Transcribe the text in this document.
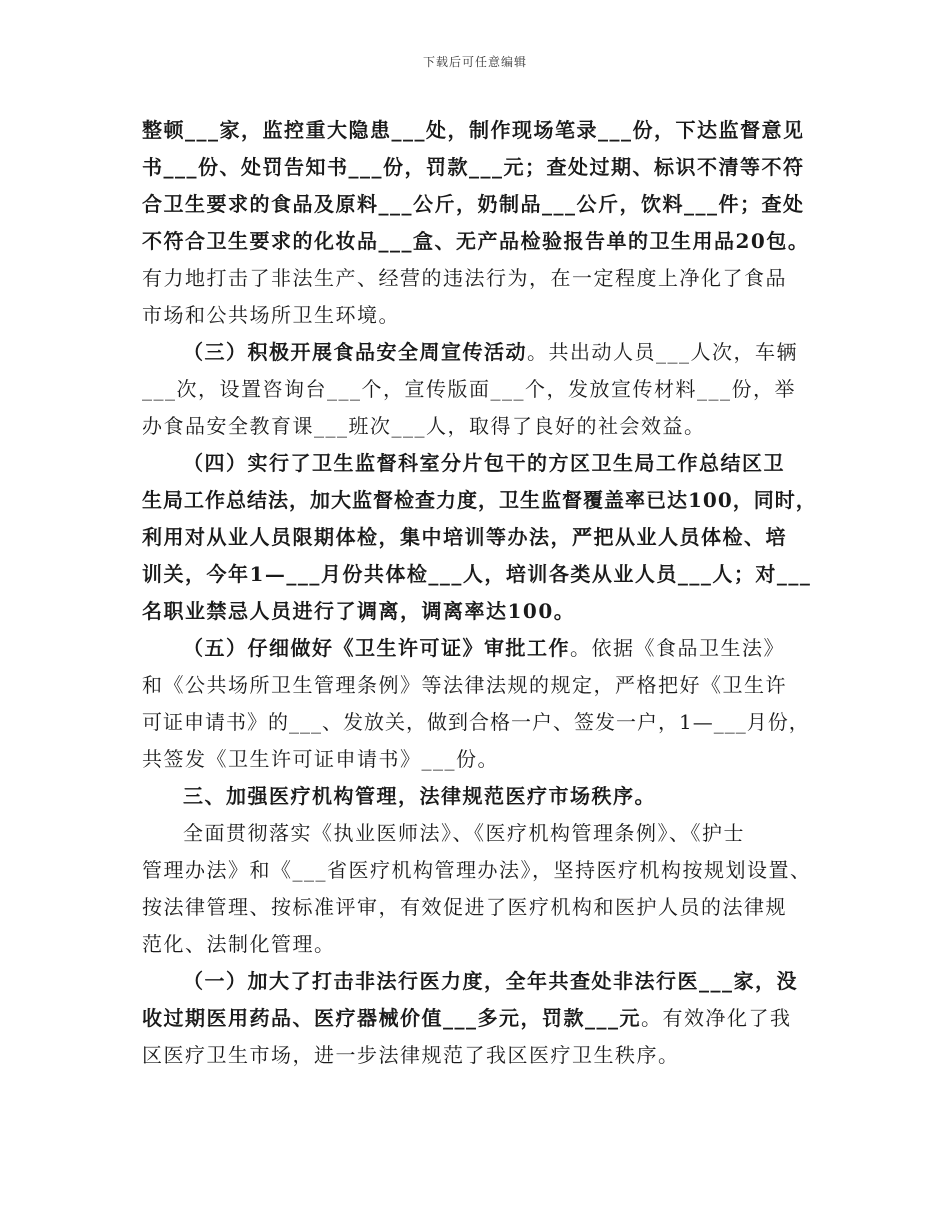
下载后可任意编辑
整顿___家，监控重大隐患___处，制作现场笔录___份，下达监督意见
书___份、处罚告知书___份，罚款___元；查处过期、标识不清等不符
合卫生要求的食品及原料___公斤，奶制品___公斤，饮料___件；查处
不符合卫生要求的化妆品___盒、无产品检验报告单的卫生用品20包。
有力地打击了非法生产、经营的违法行为，在一定程度上净化了食品
市场和公共场所卫生环境。
（三）积极开展食品安全周宣传活动。共出动人员___人次，车辆
___次，设置咨询台___个，宣传版面___个，发放宣传材料___份，举
办食品安全教育课___班次___人，取得了良好的社会效益。
（四）实行了卫生监督科室分片包干的方区卫生局工作总结区卫
生局工作总结法，加大监督检查力度，卫生监督覆盖率已达100，同时，
利用对从业人员限期体检，集中培训等办法，严把从业人员体检、培
训关，今年1—___月份共体检___人，培训各类从业人员___人；对___
名职业禁忌人员进行了调离，调离率达100。
（五）仔细做好《卫生许可证》审批工作。依据《食品卫生法》
和《公共场所卫生管理条例》等法律法规的规定，严格把好《卫生许
可证申请书》的___、发放关，做到合格一户、签发一户，1—___月份，
共签发《卫生许可证申请书》___份。
三、加强医疗机构管理，法律规范医疗市场秩序。
全面贯彻落实《执业医师法》、《医疗机构管理条例》、《护士
管理办法》和《___省医疗机构管理办法》，坚持医疗机构按规划设置、
按法律管理、按标准评审，有效促进了医疗机构和医护人员的法律规
范化、法制化管理。
（一）加大了打击非法行医力度，全年共查处非法行医___家，没
收过期医用药品、医疗器械价值___多元，罚款___元。有效净化了我
区医疗卫生市场，进一步法律规范了我区医疗卫生秩序。
